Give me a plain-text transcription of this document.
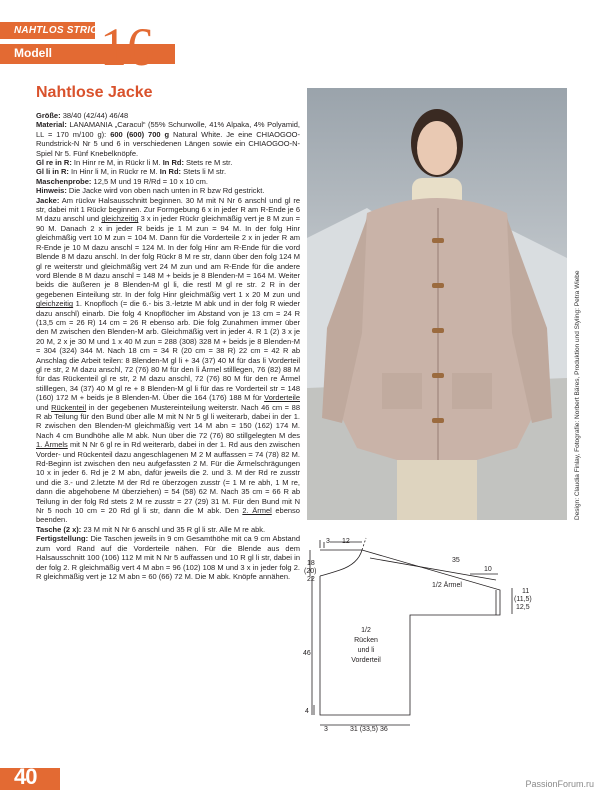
NAHTLOS STRICKEN
Modell 16
Nahtlose Jacke

Größe: 38/40 (42/44) 46/48

Material: LANAMANIA „Caracul“ (55% Schurwolle, 41% Alpaka, 4% Polyamid, LL = 170 m/100 g): 600 (600) 700 g Natural White. Je eine CHIAOGOO-Rundstrick-N Nr 5 und 6 in verschiedenen Längen sowie ein CHIAOGOO-N-Spiel Nr 5. Fünf Knebelknöpfe.

Gl re in R: In Hinr re M, in Rückr li M. In Rd: Stets re M str.

Gl li in R: In Hinr li M, in Rückr re M. In Rd: Stets li M str.

Maschenprobe: 12,5 M und 19 R/Rd = 10 x 10 cm.

Hinweis: Die Jacke wird von oben nach unten in R bzw Rd gestrickt.

Jacke: Am rückw Halsausschnitt beginnen. 30 M mit N Nr 6 anschl und gl re str, dabei mit 1 Rückr beginnen. Zur Formgebung 6 x in jeder R am R-Ende je 6 M dazu anschl und gleichzeitig 3 x in jeder Rückr gleichmäßig vert je 8 M zun = 90 M. Danach 2 x in jeder R beids je 1 M zun = 94 M. In der folg Hinr gleichmäßig vert 10 M zun = 104 M. Dann für die Vorderteile 2 x in jeder R am R-Ende je 10 M dazu anschl = 124 M. In der folg Hinr am R-Ende für die vord Blende 8 M dazu anschl. In der folg Rückr 8 M re str, dann über den folg 124 M gl re weiterstr und gleichmäßig vert 24 M zun und am R-Ende für die andere vord Blende 8 M dazu anschl = 148 M + beids je 8 Blenden-M = 164 M. Weiter beids die äußeren je 8 Blenden-M gl li, die restl M gl re str. 2 R in der gegebenen Einteilung str. In der folg Hinr gleichmäßig vert 1 x 20 M zun und gleichzeitig 1. Knopfloch (= die 6.- bis 3.-letzte M abk und in der folg R wieder dazu anschl) einarb. Die folg 4 Knopflöcher im Abstand von je 13 cm = 24 R (13,5 cm = 26 R) 14 cm = 26 R ebenso arb. Die folg Zunahmen immer über den M zwischen den Blenden-M arb. Gleichmäßig vert in jeder 4. R 1 (2) 3 x je 20 M, 2 x je 30 M und 1 x 40 M zun = 288 (308) 328 M + beids je 8 Blenden-M = 304 (324) 344 M. Nach 18 cm = 34 R (20 cm = 38 R) 22 cm = 42 R ab Anschlag die Arbeit teilen: 8 Blenden-M gl li + 34 (37) 40 M für das li Vorderteil gl re str, 2 M dazu anschl, 72 (76) 80 M für den li Ärmel stilllegen, 76 (82) 88 M für das Rückenteil gl re str, 2 M dazu anschl, 72 (76) 80 M für den re Ärmel stilllegen, 34 (37) 40 M gl re + 8 Blenden-M gl li für das re Vorderteil str = 148 (160) 172 M + beids je 8 Blenden-M. Über die 164 (176) 188 M für Vorderteile und Rückenteil in der gegebenen Mustereinteilung weiterstr. Nach 46 cm = 88 R ab Teilung für den Bund über alle M mit N Nr 5 gl li weiterarb, dabei in der 1. R zwischen den Blenden-M gleichmäßig vert 14 M abn = 150 (162) 174 M. Nach 4 cm Bundhöhe alle M abk. Nun über die 72 (76) 80 stillgelegten M des 1. Ärmels mit N Nr 6 gl re in Rd weiterarb, dabei in der 1. Rd aus den zwischen Vorder- und Rückenteil dazu angeschlagenen M 2 M auffassen = 74 (78) 82 M. Rd-Beginn ist zwischen den neu aufgefassten 2 M. Für die Ärmelschrägungen 10 x in jeder 6. Rd je 2 M abn, dafür jeweils die 2. und 3. M der Rd re zusstr und die 3.- und 2.letzte M der Rd re überzogen zusstr (= 1 M re abh, 1 M re, dann die abgehobene M überziehen) = 54 (58) 62 M. Nach 35 cm = 66 R ab Teilung in der folg Rd stets 2 M re zusstr = 27 (29) 31 M. Für den Bund mit N Nr 5 noch 10 cm = 20 Rd gl li str, dann die M abk. Den 2. Ärmel ebenso beenden.

Tasche (2 x): 23 M mit N Nr 6 anschl und 35 R gl li str. Alle M re abk.

Fertigstellung: Die Taschen jeweils in 9 cm Gesamthöhe mit ca 9 cm Abstand zum vord Rand auf die Vorderteile nähen. Für die Blende aus dem Halsausschnitt 100 (106) 112 M mit N Nr 5 auffassen und 10 R gl li str, dabei in der folg 2. R gleichmäßig vert 4 M abn = 96 (102) 108 M und 3 x in jeder folg 2. R gleichmäßig vert je 12 M abn = 60 (66) 72 M. Die M abk. Knöpfe annähen.

Design: Claudia Finlay, Fotografie: Norbert Bäres, Produktion und Styling: Petra Wiebe
3 12
35
10
18
(20)
22
1/2 Ärmel
11
(11,5)
12,5
1/2
Rücken
und li
Vorderteil
46
4
3	31 (33,5) 36
40	PassionForum.ru
